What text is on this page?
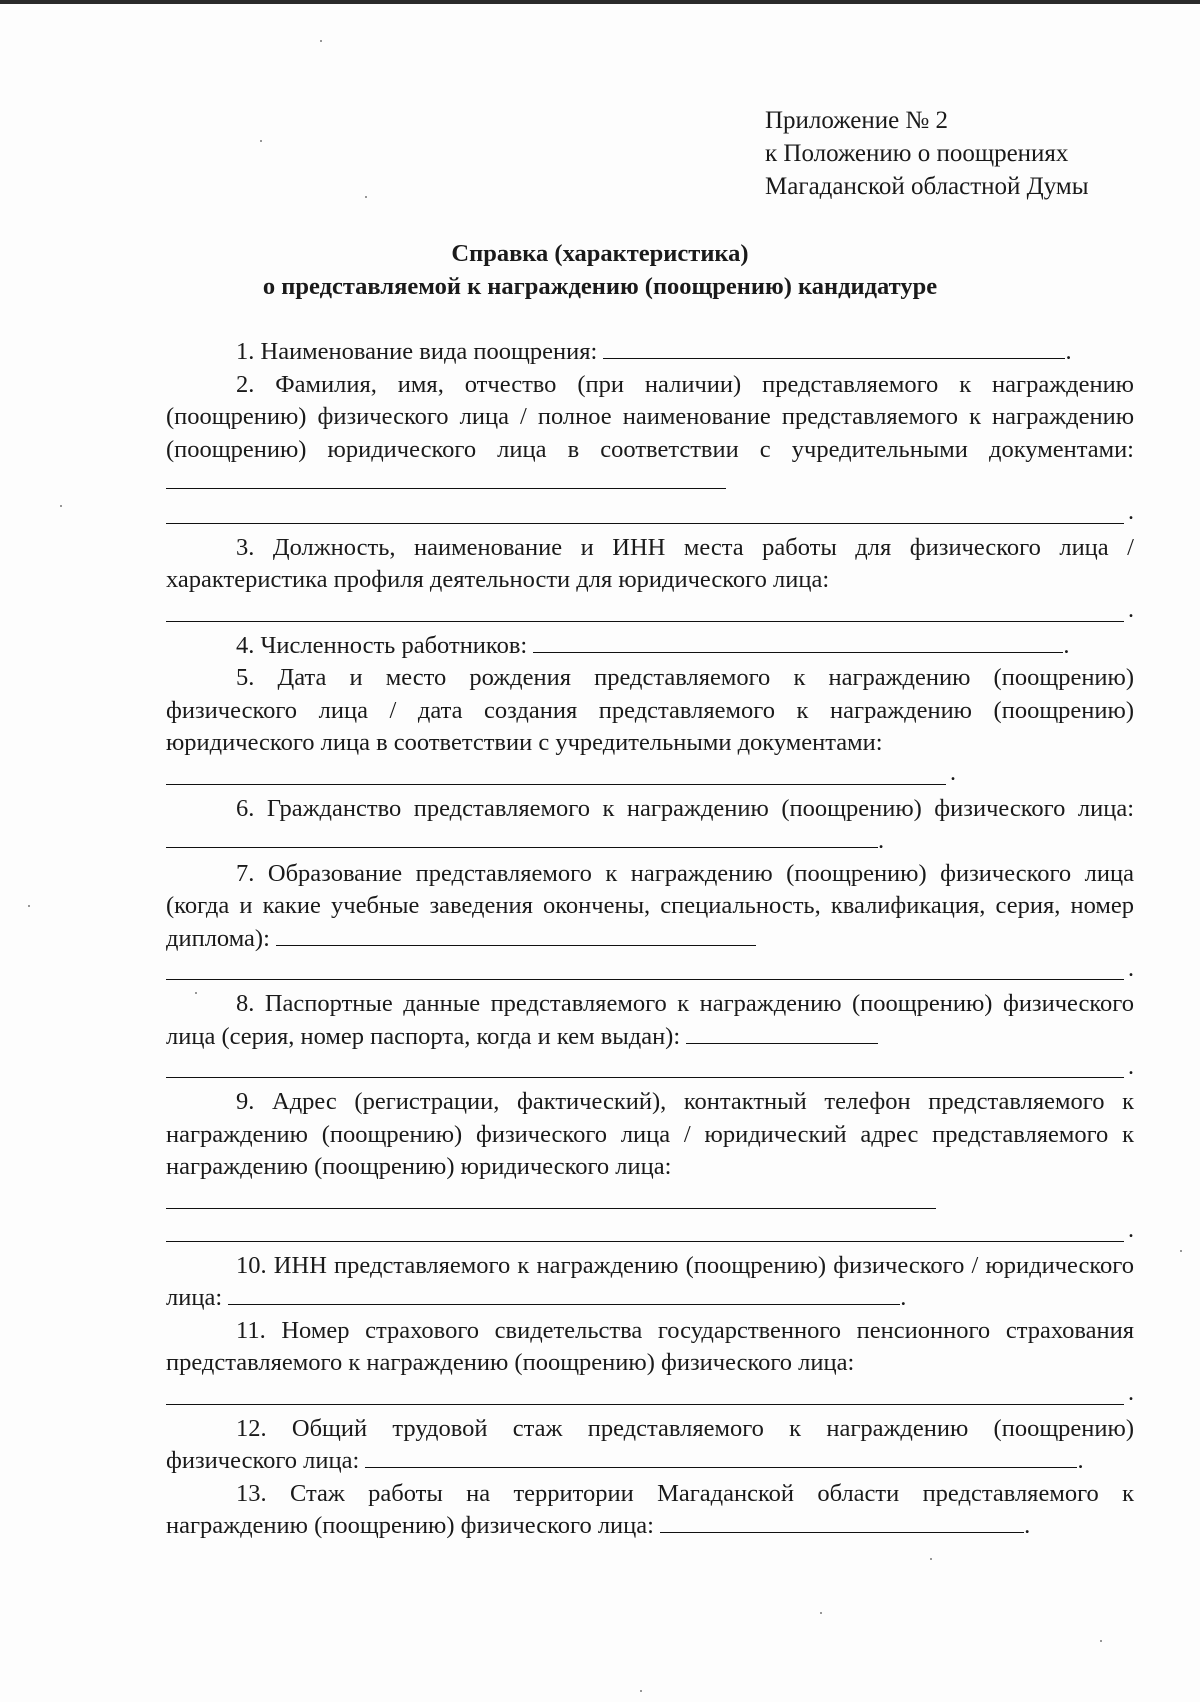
Приложение № 2
к Положению о поощрениях
Магаданской областной Думы
Справка (характеристика)
о представляемой к награждению (поощрению) кандидатуре

1. Наименование вида поощрения:	.

2. Фамилия, имя, отчество (при наличии) представляемого к награждению (поощрению) физического лица / полное наименование представляемого к награждению (поощрению) юридического лица в соответствии с учредительными документами:

.

3. Должность, наименование и ИНН места работы для физического лица / характеристика профиля деятельности для юридического лица:

.

4. Численность работников:	.

5. Дата и место рождения представляемого к награждению (поощрению) физического лица / дата создания представляемого к награждению (поощрению) юридического лица в соответствии с учредительными документами:

.

6. Гражданство представляемого к награждению (поощрению) физического лица: .

7. Образование представляемого к награждению (поощрению) физического лица (когда и какие учебные заведения окончены, специальность, квалификация, серия, номер диплома):

.

8. Паспортные данные представляемого к награждению (поощрению) физического лица (серия, номер паспорта, когда и кем выдан):

.

9. Адрес (регистрации, фактический), контактный телефон представляемого к награждению (поощрению) физического лица / юридический адрес представляемого к награждению (поощрению) юридического лица:

.

10. ИНН представляемого к награждению (поощрению) физического / юридического лица:	.

11. Номер страхового свидетельства государственного пенсионного страхования представляемого к награждению (поощрению) физического лица:

.

12. Общий трудовой стаж представляемого к награждению (поощрению) физического лица:	.

13. Стаж работы на территории Магаданской области представляемого к награждению (поощрению) физического лица:	.
